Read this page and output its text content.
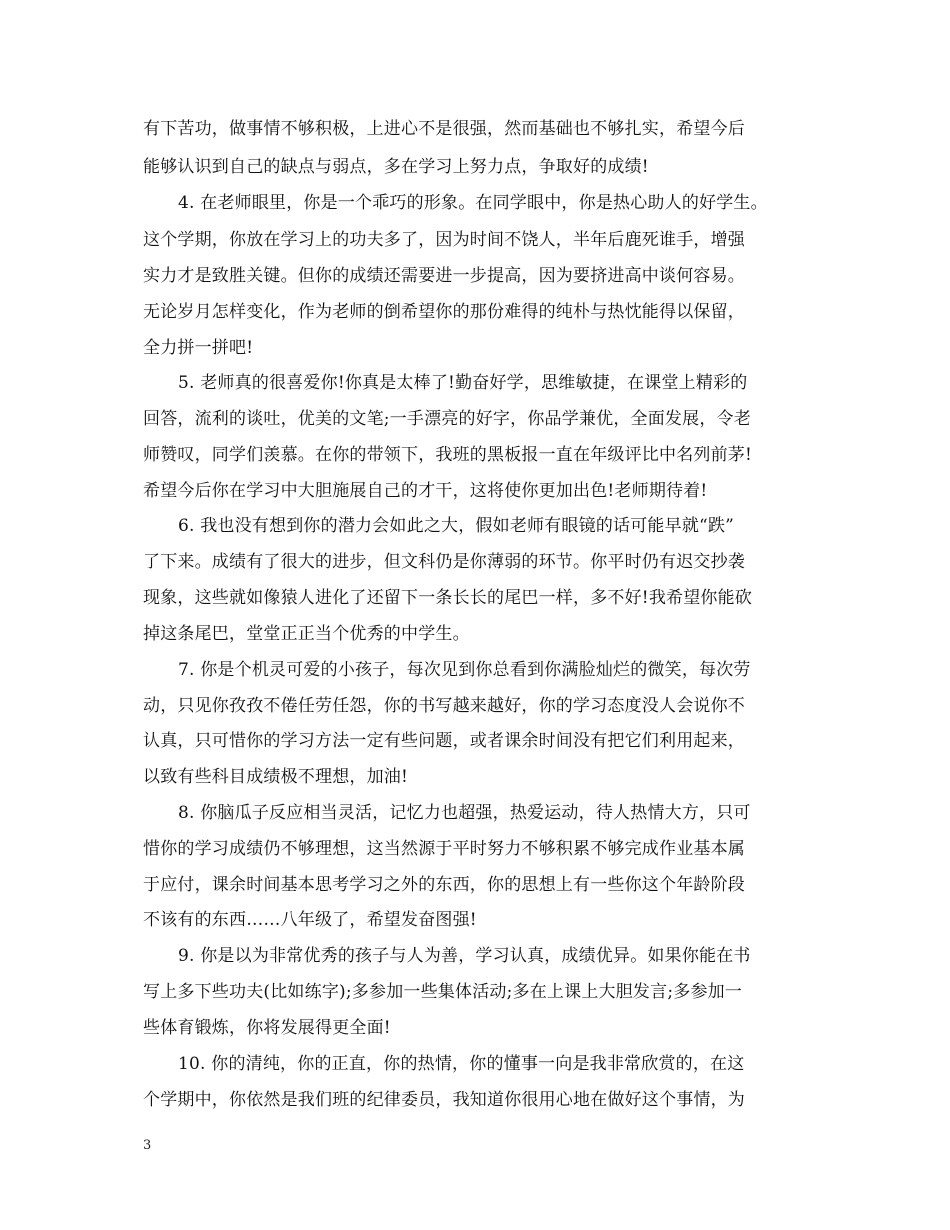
有下苦功，做事情不够积极，上进心不是很强，然而基础也不够扎实，希望今后
能够认识到自己的缺点与弱点，多在学习上努力点，争取好的成绩!
4. 在老师眼里，你是一个乖巧的形象。在同学眼中，你是热心助人的好学生。
这个学期，你放在学习上的功夫多了，因为时间不饶人，半年后鹿死谁手，增强
实力才是致胜关键。但你的成绩还需要进一步提高，因为要挤进高中谈何容易。
无论岁月怎样变化，作为老师的倒希望你的那份难得的纯朴与热忱能得以保留，
全力拼一拼吧!
5. 老师真的很喜爱你!你真是太棒了!勤奋好学，思维敏捷，在课堂上精彩的
回答，流利的谈吐，优美的文笔;一手漂亮的好字，你品学兼优，全面发展，令老
师赞叹，同学们羡慕。在你的带领下，我班的黑板报一直在年级评比中名列前茅!
希望今后你在学习中大胆施展自己的才干，这将使你更加出色!老师期待着!
6. 我也没有想到你的潜力会如此之大，假如老师有眼镜的话可能早就“跌”
了下来。成绩有了很大的进步，但文科仍是你薄弱的环节。你平时仍有迟交抄袭
现象，这些就如像猿人进化了还留下一条长长的尾巴一样，多不好!我希望你能砍
掉这条尾巴，堂堂正正当个优秀的中学生。
7. 你是个机灵可爱的小孩子，每次见到你总看到你满脸灿烂的微笑，每次劳
动，只见你孜孜不倦任劳任怨，你的书写越来越好，你的学习态度没人会说你不
认真，只可惜你的学习方法一定有些问题，或者课余时间没有把它们利用起来，
以致有些科目成绩极不理想，加油!
8. 你脑瓜子反应相当灵活，记忆力也超强，热爱运动，待人热情大方，只可
惜你的学习成绩仍不够理想，这当然源于平时努力不够积累不够完成作业基本属
于应付，课余时间基本思考学习之外的东西，你的思想上有一些你这个年龄阶段
不该有的东西……八年级了，希望发奋图强!
9. 你是以为非常优秀的孩子与人为善，学习认真，成绩优异。如果你能在书
写上多下些功夫(比如练字);多参加一些集体活动;多在上课上大胆发言;多参加一
些体育锻炼，你将发展得更全面!
10. 你的清纯，你的正直，你的热情，你的懂事一向是我非常欣赏的，在这
个学期中，你依然是我们班的纪律委员，我知道你很用心地在做好这个事情，为
3
